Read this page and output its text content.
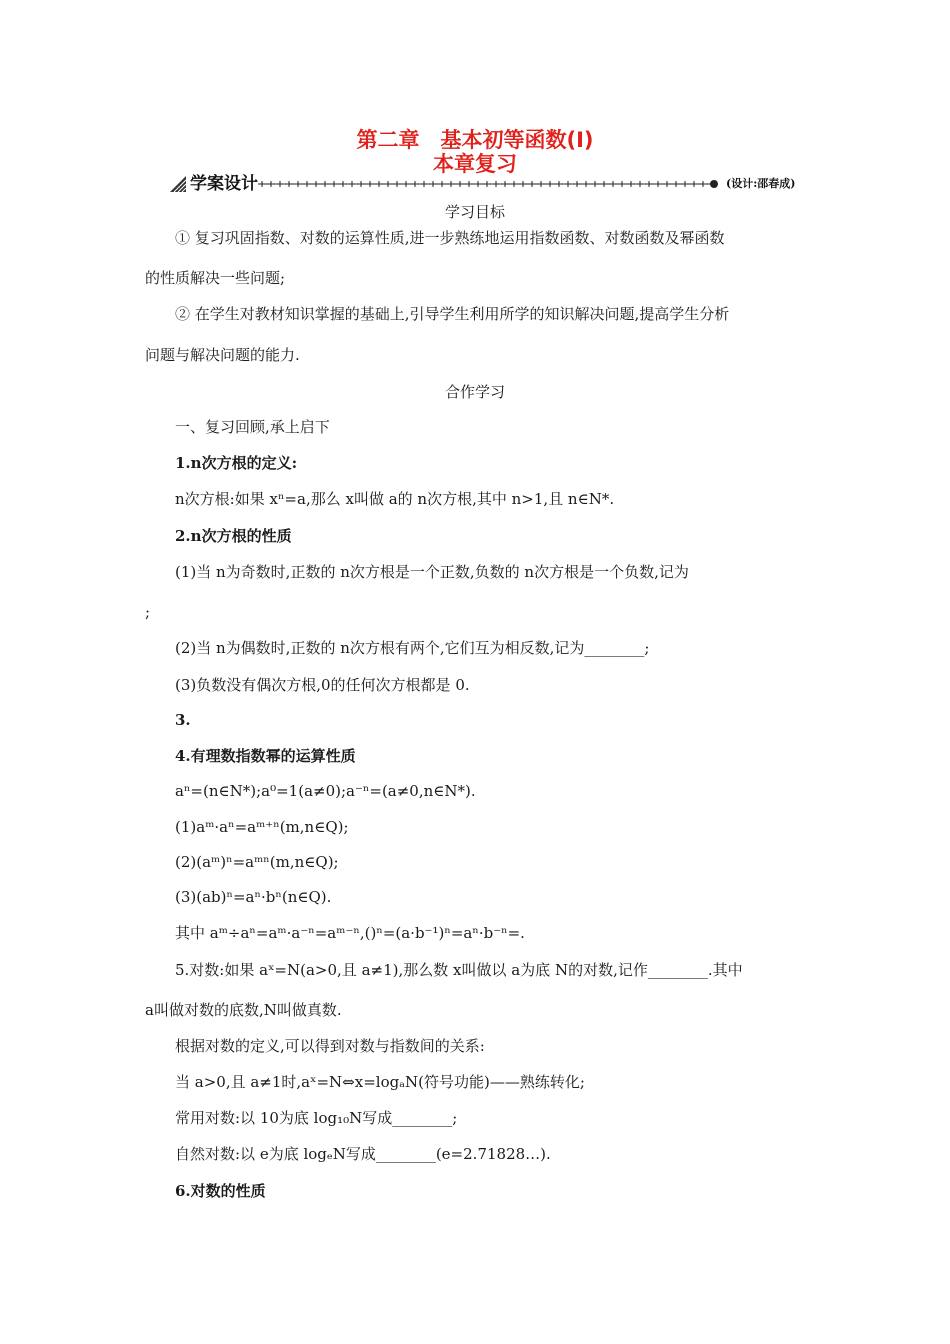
第二章　基本初等函数(Ⅰ)
本章复习
学案设计	(设计:邵春成)
学习目标
① 复习巩固指数、对数的运算性质,进一步熟练地运用指数函数、对数函数及幂函数
的性质解决一些问题;
② 在学生对教材知识掌握的基础上,引导学生利用所学的知识解决问题,提高学生分析
问题与解决问题的能力.
合作学习
一、复习回顾,承上启下
1.n次方根的定义:
n次方根:如果 xⁿ=a,那么 x叫做 a的 n次方根,其中 n>1,且 n∈N*.
2.n次方根的性质
(1)当 n为奇数时,正数的 n次方根是一个正数,负数的 n次方根是一个负数,记为
;
(2)当 n为偶数时,正数的 n次方根有两个,它们互为相反数,记为________;
(3)负数没有偶次方根,0的任何次方根都是 0.
3.
4.有理数指数幂的运算性质
aⁿ=(n∈N*);a⁰=1(a≠0);a⁻ⁿ=(a≠0,n∈N*).
(1)aᵐ·aⁿ=aᵐ⁺ⁿ(m,n∈Q);
(2)(aᵐ)ⁿ=aᵐⁿ(m,n∈Q);
(3)(ab)ⁿ=aⁿ·bⁿ(n∈Q).
其中 aᵐ÷aⁿ=aᵐ·a⁻ⁿ=aᵐ⁻ⁿ,()ⁿ=(a·b⁻¹)ⁿ=aⁿ·b⁻ⁿ=.
5.对数:如果 aˣ=N(a>0,且 a≠1),那么数 x叫做以 a为底 N的对数,记作________.其中
a叫做对数的底数,N叫做真数.
根据对数的定义,可以得到对数与指数间的关系:
当 a>0,且 a≠1时,aˣ=N⇔x=logₐN(符号功能)——熟练转化;
常用对数:以 10为底 log₁₀N写成________;
自然对数:以 e为底 logₑN写成________(e=2.71828…).
6.对数的性质
